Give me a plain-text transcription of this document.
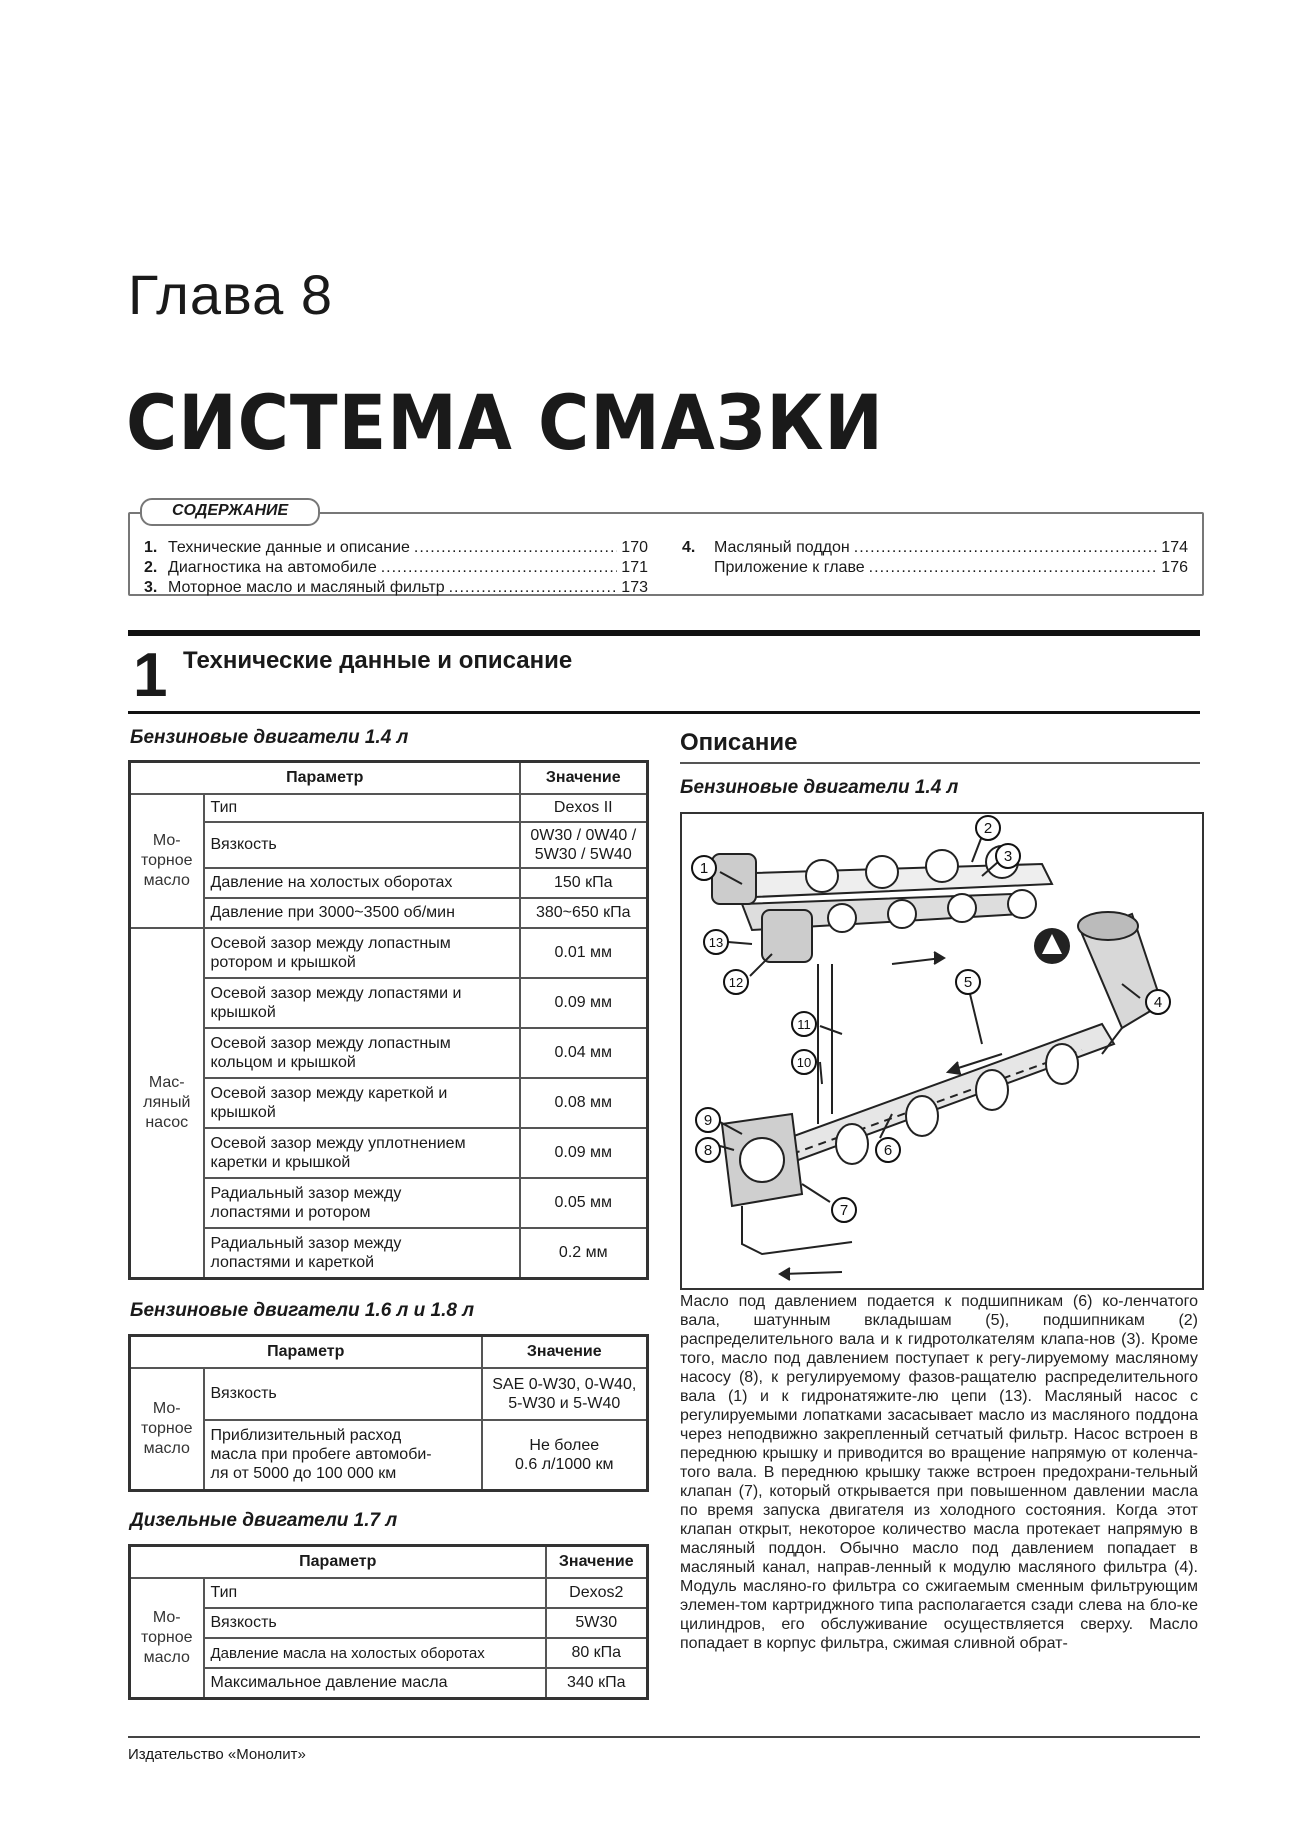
Глава 8
СИСТЕМА СМАЗКИ
СОДЕРЖАНИЕ
1. Технические данные и описание .....	170
2. Диагностика на автомобиле .....	171
3. Моторное масло и масляный фильтр .....	173
4.	Масляный поддон .....	174
Приложение к главе .....	176
1 Технические данные и описание
Бензиновые двигатели 1.4 л
Параметр		Значение
Мо-
торное
масло	Тип	Dexos II
	Вязкость	0W30 / 0W40 /
5W30 / 5W40
	Давление на холостых оборотах	150 кПа
	Давление при 3000~3500 об/мин	380~650 кПа
Мас-
ляный
насос	Осевой зазор между лопастным
ротором и крышкой	0.01 мм
	Осевой зазор между лопастями и
крышкой	0.09 мм
	Осевой зазор между лопастным
кольцом и крышкой	0.04 мм
	Осевой зазор между кареткой и
крышкой	0.08 мм
	Осевой зазор между уплотнением
каретки и крышкой	0.09 мм
	Радиальный зазор между
лопастями и ротором	0.05 мм
	Радиальный зазор между
лопастями и кареткой	0.2 мм
Бензиновые двигатели 1.6 л и 1.8 л
Параметр		Значение
Мо-
торное
масло	Вязкость	SAE 0-W30, 0-W40,
5-W30 и 5-W40
	Приблизительный расход
масла при пробеге автомоби-
ля от 5000 до 100 000 км	Не более
0.6 л/1000 км
Дизельные двигатели 1.7 л
Параметр		Значение
Мо-
торное
масло	Тип	Dexos2
	Вязкость	5W30
	Давление масла на холостых оборотах	80 кПа
	Максимальное давление масла	340 кПа
Описание
Бензиновые двигатели 1.4 л
1
2
3
4
5
6
7
8
9
10
11
12
13
Масло под давлением подается к подшипникам (6) ко-ленчатого вала, шатунным вкладышам (5), подшипникам (2) распределительного вала и к гидротолкателям клапа-нов (3). Кроме того, масло под давлением поступает к регу-лируемому масляному насосу (8), к регулируемому фазов-ращателю распределительного вала (1) и к гидронатяжите-лю цепи (13). Масляный насос с регулируемыми лопатками засасывает масло из масляного поддона через неподвижно закрепленный сетчатый фильтр. Насос встроен в переднюю крышку и приводится во вращение напрямую от коленча-того вала. В переднюю крышку также встроен предохрани-тельный клапан (7), который открывается при повышенном давлении масла по время запуска двигателя из холодного состояния. Когда этот клапан открыт, некоторое количество масла протекает напрямую в масляный поддон. Обычно масло под давлением попадает в масляный канал, направ-ленный к модулю масляного фильтра (4). Модуль масляно-го фильтра со сжигаемым сменным фильтрующим элемен-том картриджного типа располагается сзади слева на бло-ке цилиндров, его обслуживание осуществляется сверху. Масло попадает в корпус фильтра, сжимая сливной обрат-
Издательство «Монолит»
